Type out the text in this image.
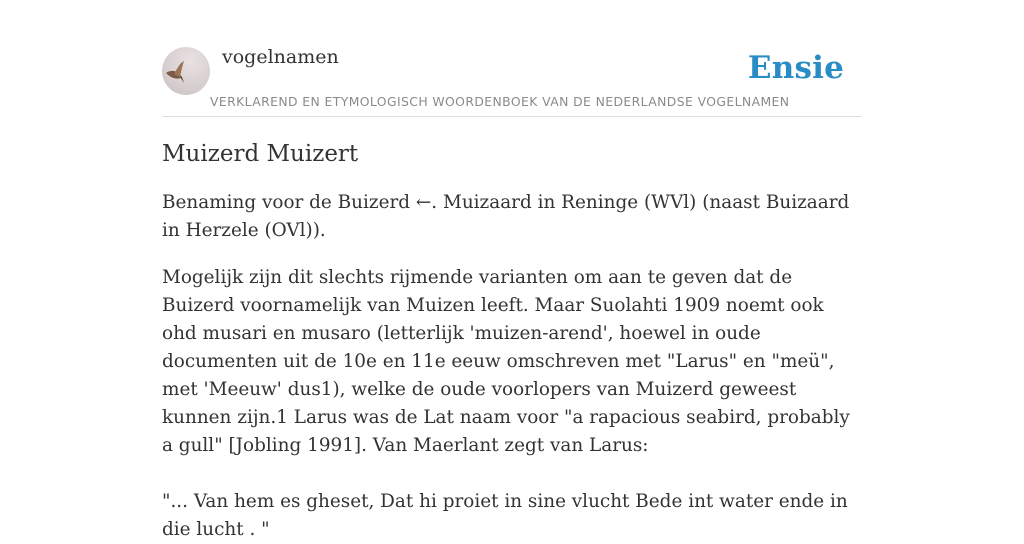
vogelnamen	Ensie
VERKLAREND EN ETYMOLOGISCH WOORDENBOEK VAN DE NEDERLANDSE VOGELNAMEN
Muizerd Muizert

Benaming voor de Buizerd ←. Muizaard in Reninge (WVl) (naast Buizaard in Herzele (OVl)).

Mogelijk zijn dit slechts rijmende varianten om aan te geven dat de Buizerd voornamelijk van Muizen leeft. Maar Suolahti 1909 noemt ook ohd musari en musaro (letterlijk 'muizen-arend', hoewel in oude documenten uit de 10e en 11e eeuw omschreven met "Larus" en "meü", met 'Meeuw' dus1), welke de oude voorlopers van Muizerd geweest kunnen zijn.1 Larus was de Lat naam voor "a rapacious seabird, probably a gull" [Jobling 1991]. Van Maerlant zegt van Larus:

"... Van hem es gheset, Dat hi proiet in sine vlucht Bede int water ende in die lucht . "
